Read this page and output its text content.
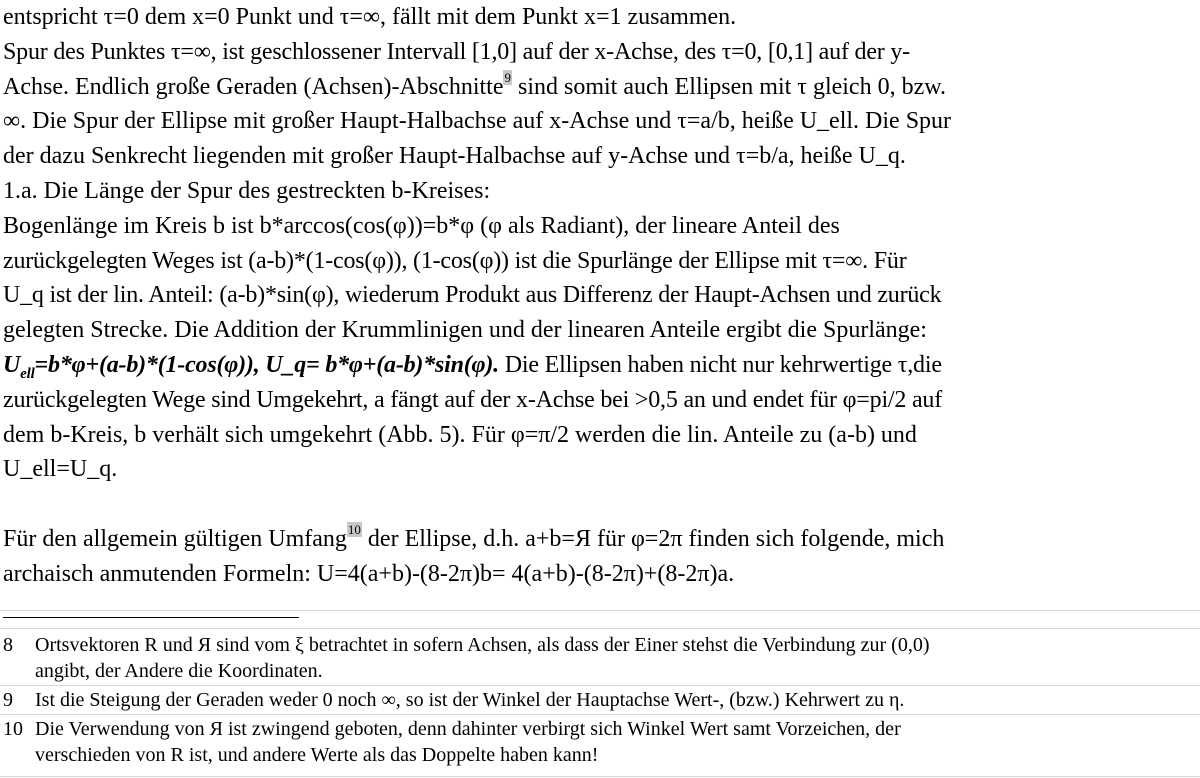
entspricht τ=0 dem x=0 Punkt und τ=∞, fällt mit dem Punkt x=1 zusammen.
Spur des Punktes τ=∞, ist geschlossener Intervall [1,0] auf der x-Achse, des τ=0, [0,1] auf der y-
Achse. Endlich große Geraden (Achsen)-Abschnitte$^9$ sind somit auch Ellipsen mit τ gleich 0, bzw.
∞. Die Spur der Ellipse mit großer Haupt-Halbachse auf x-Achse und τ=a/b, heiße U_ell. Die Spur
der dazu Senkrecht liegenden mit großer Haupt-Halbachse auf y-Achse und τ=b/a, heiße U_q.
1.a. Die Länge der Spur des gestreckten b-Kreises:
Bogenlänge im Kreis b ist b*arccos(cos(φ))=b*φ (φ als Radiant), der lineare Anteil des
zurückgelegten Weges ist (a-b)*(1-cos(φ)), (1-cos(φ)) ist die Spurlänge der Ellipse mit τ=∞. Für
U_q ist der lin. Anteil: (a-b)*sin(φ), wiederum Produkt aus Differenz der Haupt-Achsen und zurück
gelegten Strecke. Die Addition der Krummlinigen und der linearen Anteile ergibt die Spurlänge:
$U_{ell}=b*\varphi+(a-b)*(1-\cos(\varphi))$, U_q= b*φ+(a-b)*sin(φ). Die Ellipsen haben nicht nur kehrwertige τ,die
zurückgelegten Wege sind Umgekehrt, a fängt auf der x-Achse bei >0,5 an und endet für φ=pi/2 auf
dem b-Kreis, b verhält sich umgekehrt (Abb. 5). Für φ=π/2 werden die lin. Anteile zu (a-b) und
U_ell=U_q.
Für den allgemein gültigen Umfang$^{10}$ der Ellipse, d.h. a+b=Я für φ=2π finden sich folgende, mich
archaisch anmutenden Formeln: U=4(a+b)-(8-2π)b= 4(a+b)-(8-2π)+(8-2π)a.
8	Ortsvektoren R und Я sind vom ξ betrachtet in sofern Achsen, als dass der Einer stehst die Verbindung zur (0,0)
angibt, der Andere die Koordinaten.
9	Ist die Steigung der Geraden weder 0 noch ∞, so ist der Winkel der Hauptachse Wert-, (bzw.) Kehrwert zu η.
10 Die Verwendung von Я ist zwingend geboten, denn dahinter verbirgt sich Winkel Wert samt Vorzeichen, der
verschieden von R ist, und andere Werte als das Doppelte haben kann!
